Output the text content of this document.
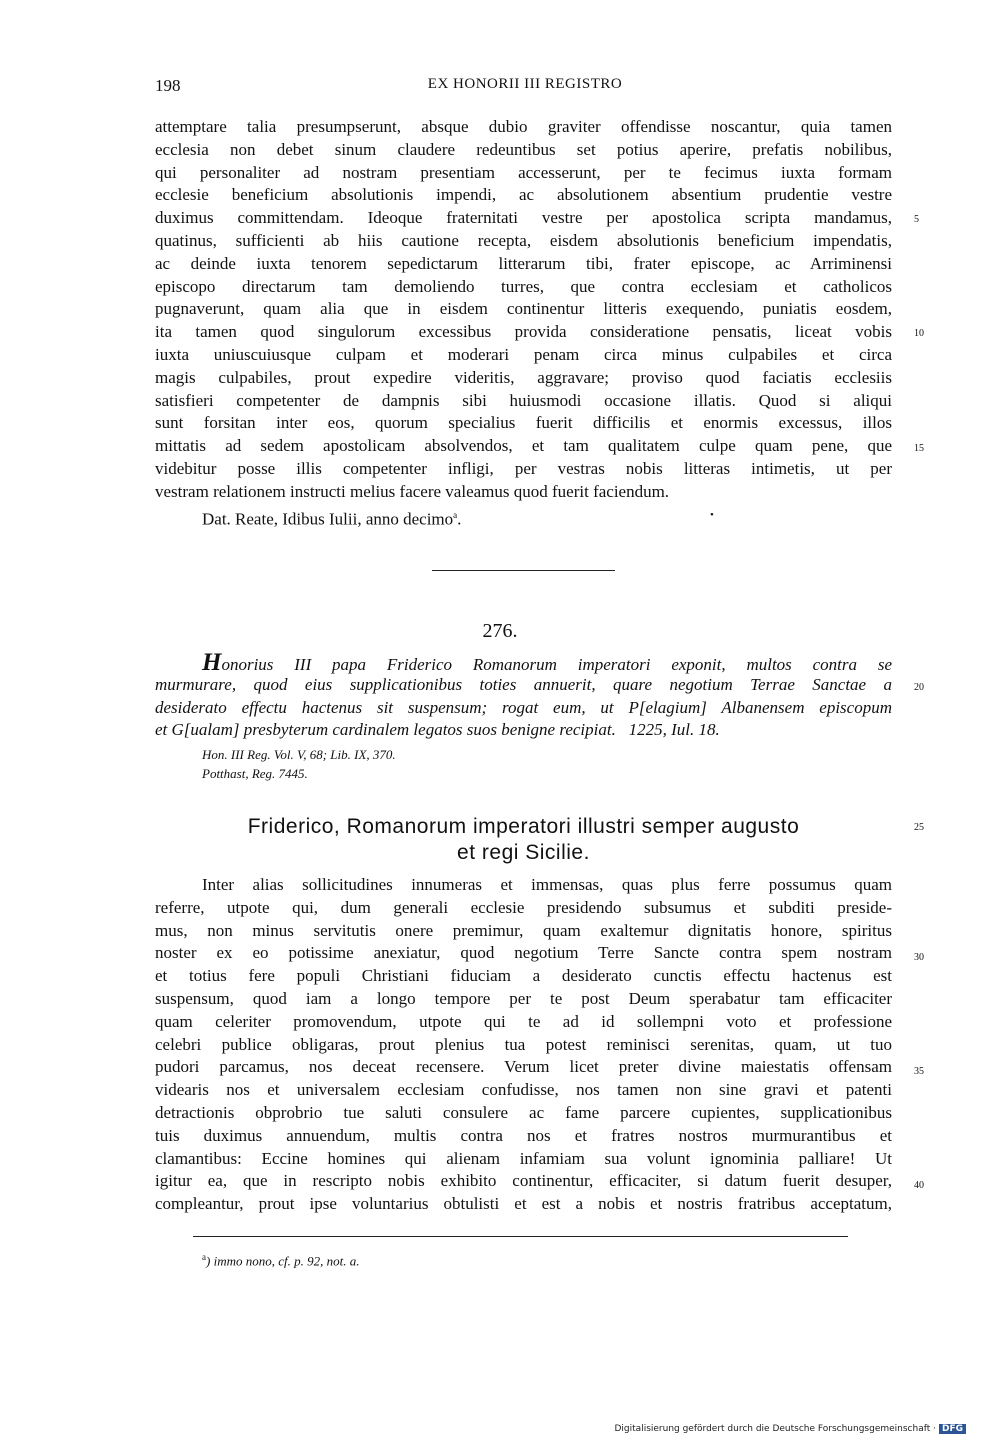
198	EX HONORII III REGISTRO
attemptare talia presumpserunt, absque dubio graviter offendisse noscantur, quia tamen
ecclesia non debet sinum claudere redeuntibus set potius aperire, prefatis nobilibus,
qui personaliter ad nostram presentiam accesserunt, per te fecimus iuxta formam
ecclesie beneficium absolutionis impendi, ac absolutionem absentium prudentie vestre
duximus committendam. Ideoque fraternitati vestre per apostolica scripta mandamus,
quatinus, sufficienti ab hiis cautione recepta, eisdem absolutionis beneficium impendatis,
ac deinde iuxta tenorem sepedictarum litterarum tibi, frater episcope, ac Arriminensi
episcopo directarum tam demoliendo turres, que contra ecclesiam et catholicos
pugnaverunt, quam alia que in eisdem continentur litteris exequendo, puniatis eosdem,
ita tamen quod singulorum excessibus provida consideratione pensatis, liceat vobis
iuxta uniuscuiusque culpam et moderari penam circa minus culpabiles et circa
magis culpabiles, prout expedire videritis, aggravare; proviso quod faciatis ecclesiis
satisfieri competenter de dampnis sibi huiusmodi occasione illatis. Quod si aliqui
sunt forsitan inter eos, quorum specialius fuerit difficilis et enormis excessus, illos
mittatis ad sedem apostolicam absolvendos, et tam qualitatem culpe quam pene, que
videbitur posse illis competenter infligi, per vestras nobis litteras intimetis, ut per
vestram relationem instructi melius facere valeamus quod fuerit faciendum.
Dat. Reate, Idibus Iulii, anno decimo$^a$.	•
5
10
15
276.
Honorius III papa Friderico Romanorum imperatori exponit, multos contra se
murmurare, quod eius supplicationibus toties annuerit, quare negotium Terrae Sanctae a
desiderato effectu hactenus sit suspensum; rogat eum, ut P[elagium] Albanensem episcopum
et G[ualam] presbyterum cardinalem legatos suos benigne recipiat.   1225, Iul. 18.
Hon. III Reg. Vol. V, 68; Lib. IX, 370.
Potthast, Reg. 7445.
Friderico, Romanorum imperatori illustri semper augusto
et regi Sicilie.
Inter alias sollicitudines innumeras et immensas, quas plus ferre possumus quam
referre, utpote qui, dum generali ecclesie presidendo subsumus et subditi preside-
mus, non minus servitutis onere premimur, quam exaltemur dignitatis honore, spiritus
noster ex eo potissime anexiatur, quod negotium Terre Sancte contra spem nostram
et totius fere populi Christiani fiduciam a desiderato cunctis effectu hactenus est
suspensum, quod iam a longo tempore per te post Deum sperabatur tam efficaciter
quam celeriter promovendum, utpote qui te ad id sollempni voto et professione
celebri publice obligaras, prout plenius tua potest reminisci serenitas, quam, ut tuo
pudori parcamus, nos deceat recensere. Verum licet preter divine maiestatis offensam
videaris nos et universalem ecclesiam confudisse, nos tamen non sine gravi et patenti
detractionis obprobrio tue saluti consulere ac fame parcere cupientes, supplicationibus
tuis duximus annuendum, multis contra nos et fratres nostros murmurantibus et
clamantibus: Eccine homines qui alienam infamiam sua volunt ignominia palliare! Ut
igitur ea, que in rescripto nobis exhibito continentur, efficaciter, si datum fuerit desuper,
compleantur, prout ipse voluntarius obtulisti et est a nobis et nostris fratribus acceptatum,
20
25
30
35
40
$^a$) immo nono, cf. p. 92, not. a.
Digitalisierung gefördert durch die Deutsche Forschungsgemeinschaft · DFG
